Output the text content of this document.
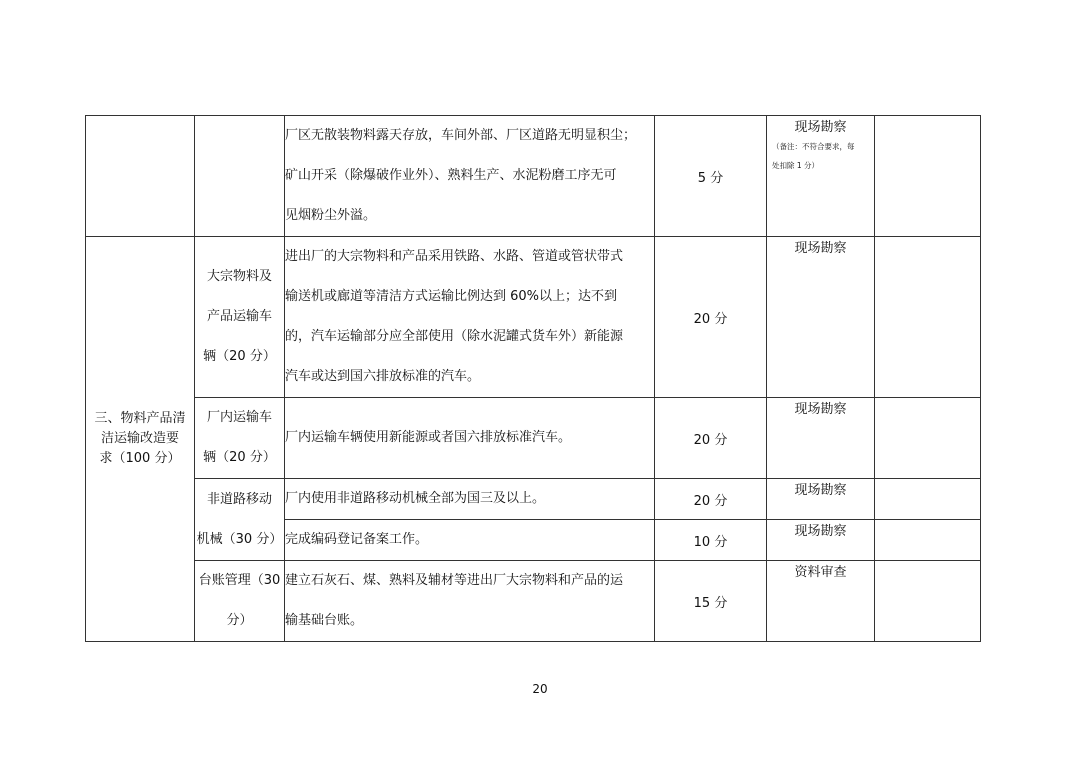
		厂区无散装物料露天存放，车间外部、厂区道路无明显积尘；
矿山开采（除爆破作业外）、熟料生产、水泥粉磨工序无可
见烟粉尘外溢。	5 分	现场勘察
（备注：不符合要求，每
处扣除 1 分）	

三、物料产品清
洁运输改造要
求（100 分）	大宗物料及
产品运输车
辆（20 分）	进出厂的大宗物料和产品采用铁路、水路、管道或管状带式
输送机或廊道等清洁方式运输比例达到 60%以上；达不到
的，汽车运输部分应全部使用（除水泥罐式货车外）新能源
汽车或达到国六排放标准的汽车。	20 分	现场勘察	

	厂内运输车
辆（20 分）	厂内运输车辆使用新能源或者国六排放标准汽车。	20 分	现场勘察	

	非道路移动
机械（30 分）	厂内使用非道路移动机械全部为国三及以上。	20 分	现场勘察	

		完成编码登记备案工作。	10 分	现场勘察	

	台账管理（30
分）	建立石灰石、煤、熟料及辅材等进出厂大宗物料和产品的运
输基础台账。	15 分	资料审查	

20
